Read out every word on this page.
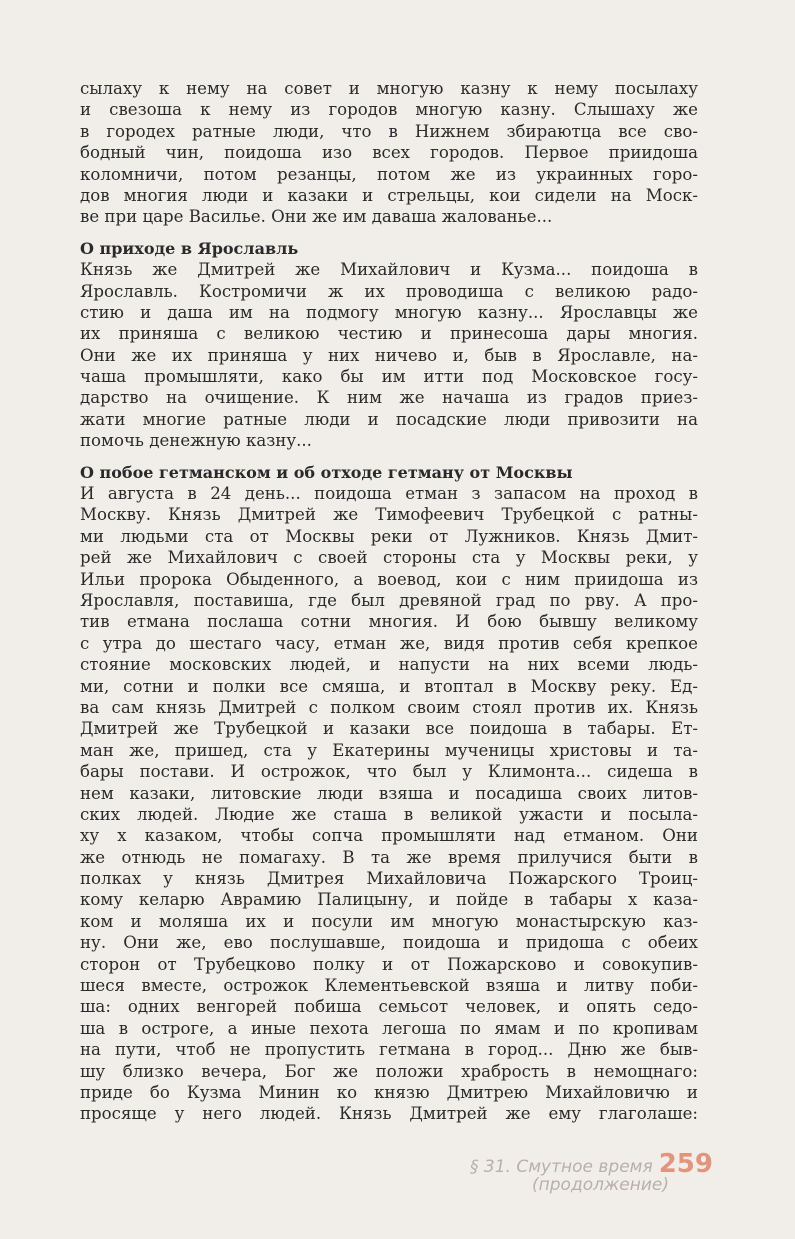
сылаху к нему на совет и многую казну к нему посылаху
и свезоша к нему из городов многую казну. Слышаху же
в городех ратные люди, что в Нижнем збираютца все сво-
бодный чин, поидоша изо всех городов. Первое приидоша
коломничи, потом резанцы, потом же из украинных горо-
дов многия люди и казаки и стрельцы, кои сидели на Моск-
ве при царе Василье. Они же им даваша жалованье...
О приходе в Ярославль
Князь же Дмитрей же Михайлович и Кузма... поидоша в
Ярославль. Костромичи ж их проводиша с великою радо-
стию и даша им на подмогу многую казну... Ярославцы же
их приняша с великою честию и принесоша дары многия.
Они же их приняша у них ничево и, быв в Ярославле, на-
чаша промышляти, како бы им итти под Московское госу-
дарство на очищение. К ним же начаша из градов приез-
жати многие ратные люди и посадские люди привозити на
помочь денежную казну...
О побое гетманском и об отходе гетману от Москвы
И августа в 24 день... поидоша етман з запасом на проход в
Москву. Князь Дмитрей же Тимофеевич Трубецкой с ратны-
ми людьми ста от Москвы реки от Лужников. Князь Дмит-
рей же Михайлович с своей стороны ста у Москвы реки, у
Ильи пророка Обыденного, а воевод, кои с ним приидоша из
Ярославля, поставиша, где был древяной град по рву. А про-
тив етмана послаша сотни многия. И бою бывшу великому
с утра до шестаго часу, етман же, видя против себя крепкое
стояние московских людей, и напусти на них всеми людь-
ми, сотни и полки все смяша, и втоптал в Москву реку. Ед-
ва сам князь Дмитрей с полком своим стоял против их. Князь
Дмитрей же Трубецкой и казаки все поидоша в табары. Ет-
ман же, пришед, ста у Екатерины мученицы христовы и та-
бары постави. И острожок, что был у Климонта... сидеша в
нем казаки, литовские люди взяша и посадиша своих литов-
ских людей. Людие же сташа в великой ужасти и посыла-
ху х казаком, чтобы сопча промышляти над етманом. Они
же отнюдь не помагаху. В та же время прилучися быти в
полках у князь Дмитрея Михайловича Пожарского Троиц-
кому келарю Аврамию Палицыну, и пойде в табары х каза-
ком и моляша их и посули им многую монастырскую каз-
ну. Они же, ево послушавше, поидоша и придоша с обеих
сторон от Трубецково полку и от Пожарсково и совокупив-
шеся вместе, острожок Клементьевской взяша и литву поби-
ша: одних венгорей побиша семьсот человек, и опять седо-
ша в остроге, а иные пехота легоша по ямам и по кропивам
на пути, чтоб не пропустить гетмана в город... Дню же быв-
шу близко вечера, Бог же положи храбрость в немощнаго:
приде бо Кузма Минин ко князю Дмитрею Михайловичю и
просяще у него людей. Князь Дмитрей же ему глаголаше:
§ 31. Смутное время 259
(продолжение)
